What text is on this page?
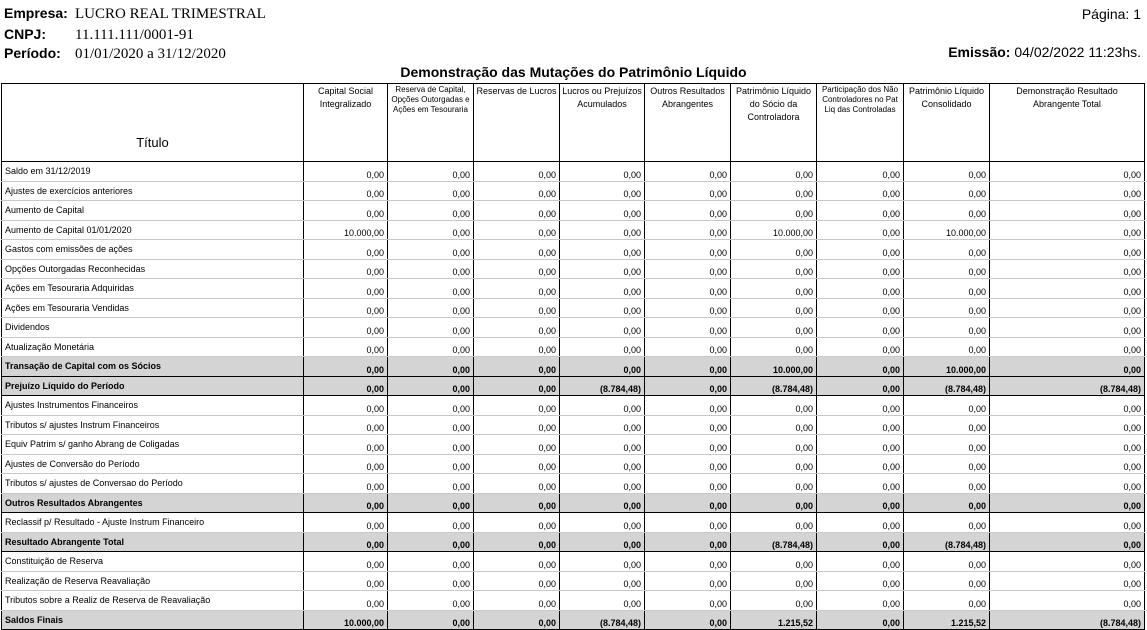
Empresa: LUCRO REAL TRIMESTRAL
CNPJ: 11.111.111/0001-91
Período: 01/01/2020 a 31/12/2020
Página: 1
Emissão: 04/02/2022 11:23hs.
Demonstração das Mutações do Patrimônio Líquido
Título	Capital Social Integralizado	Reserva de Capital, Opções Outorgadas e Ações em Tesouraria	Reservas de Lucros	Lucros ou Prejuízos Acumulados	Outros Resultados Abrangentes	Patrimônio Líquido do Sócio da Controladora	Participação dos Não Controladores no Pat Liq das Controladas	Patrimônio Líquido Consolidado	Demonstração Resultado Abrangente Total
Saldo em 31/12/2019	0,00	0,00	0,00	0,00	0,00	0,00	0,00	0,00	0,00
Ajustes de exercícios anteriores	0,00	0,00	0,00	0,00	0,00	0,00	0,00	0,00	0,00
Aumento de Capital	0,00	0,00	0,00	0,00	0,00	0,00	0,00	0,00	0,00
Aumento de Capital 01/01/2020	10.000,00	0,00	0,00	0,00	0,00	10.000,00	0,00	10.000,00	0,00
Gastos com emissões de ações	0,00	0,00	0,00	0,00	0,00	0,00	0,00	0,00	0,00
Opções Outorgadas Reconhecidas	0,00	0,00	0,00	0,00	0,00	0,00	0,00	0,00	0,00
Ações em Tesouraria Adquiridas	0,00	0,00	0,00	0,00	0,00	0,00	0,00	0,00	0,00
Ações em Tesouraria Vendidas	0,00	0,00	0,00	0,00	0,00	0,00	0,00	0,00	0,00
Dividendos	0,00	0,00	0,00	0,00	0,00	0,00	0,00	0,00	0,00
Atualização Monetária	0,00	0,00	0,00	0,00	0,00	0,00	0,00	0,00	0,00
Transação de Capital com os Sócios	0,00	0,00	0,00	0,00	0,00	10.000,00	0,00	10.000,00	0,00
Prejuízo Líquido do Período	0,00	0,00	0,00	(8.784,48)	0,00	(8.784,48)	0,00	(8.784,48)	(8.784,48)
Ajustes Instrumentos Financeiros	0,00	0,00	0,00	0,00	0,00	0,00	0,00	0,00	0,00
Tributos s/ ajustes Instrum Financeiros	0,00	0,00	0,00	0,00	0,00	0,00	0,00	0,00	0,00
Equiv Patrim s/ ganho Abrang de Coligadas	0,00	0,00	0,00	0,00	0,00	0,00	0,00	0,00	0,00
Ajustes de Conversão do Período	0,00	0,00	0,00	0,00	0,00	0,00	0,00	0,00	0,00
Tributos s/ ajustes de Conversao do Período	0,00	0,00	0,00	0,00	0,00	0,00	0,00	0,00	0,00
Outros Resultados Abrangentes	0,00	0,00	0,00	0,00	0,00	0,00	0,00	0,00	0,00
Reclassif p/ Resultado - Ajuste Instrum Financeiro	0,00	0,00	0,00	0,00	0,00	0,00	0,00	0,00	0,00
Resultado Abrangente Total	0,00	0,00	0,00	0,00	0,00	(8.784,48)	0,00	(8.784,48)	0,00
Constituição de Reserva	0,00	0,00	0,00	0,00	0,00	0,00	0,00	0,00	0,00
Realização de Reserva Reavaliação	0,00	0,00	0,00	0,00	0,00	0,00	0,00	0,00	0,00
Tributos sobre a Realiz de Reserva de Reavaliação	0,00	0,00	0,00	0,00	0,00	0,00	0,00	0,00	0,00
Saldos Finais	10.000,00	0,00	0,00	(8.784,48)	0,00	1.215,52	0,00	1.215,52	(8.784,48)
